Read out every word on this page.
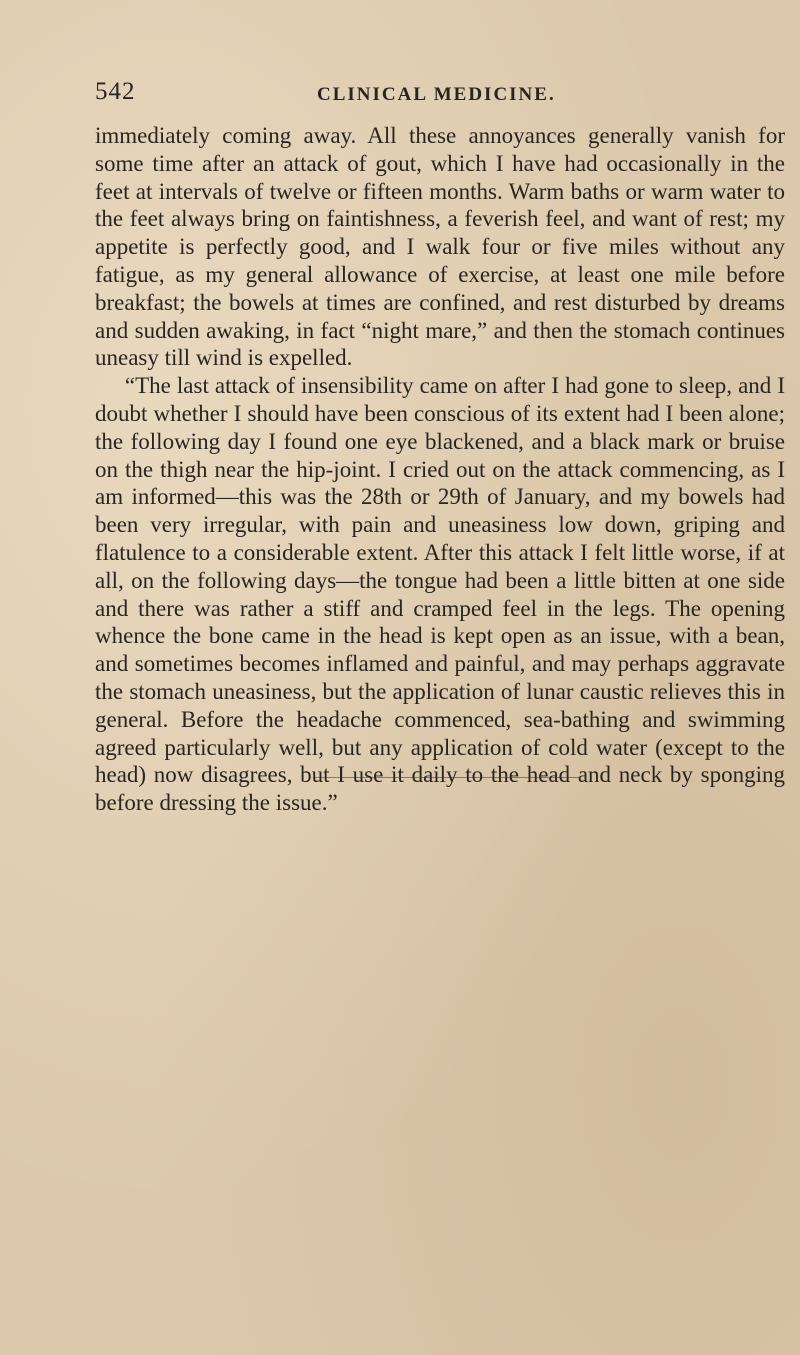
542	CLINICAL MEDICINE.

immediately coming away. All these annoyances generally vanish for some time after an attack of gout, which I have had occasionally in the feet at intervals of twelve or fifteen months. Warm baths or warm water to the feet always bring on faintishness, a feverish feel, and want of rest; my appetite is perfectly good, and I walk four or five miles without any fatigue, as my general allowance of exercise, at least one mile before breakfast; the bowels at times are confined, and rest disturbed by dreams and sudden awaking, in fact “night mare,” and then the stomach continues uneasy till wind is expelled.

“The last attack of insensibility came on after I had gone to sleep, and I doubt whether I should have been conscious of its extent had I been alone; the following day I found one eye blackened, and a black mark or bruise on the thigh near the hip-joint. I cried out on the attack commencing, as I am informed—this was the 28th or 29th of January, and my bowels had been very irregular, with pain and uneasiness low down, griping and flatulence to a considerable extent. After this attack I felt little worse, if at all, on the following days—the tongue had been a little bitten at one side and there was rather a stiff and cramped feel in the legs. The opening whence the bone came in the head is kept open as an issue, with a bean, and sometimes becomes inflamed and painful, and may perhaps aggravate the stomach uneasiness, but the application of lunar caustic relieves this in general. Before the headache commenced, sea-bathing and swimming agreed particularly well, but any application of cold water (except to the head) now disagrees, but I use it daily to the head and neck by sponging before dressing the issue.”
